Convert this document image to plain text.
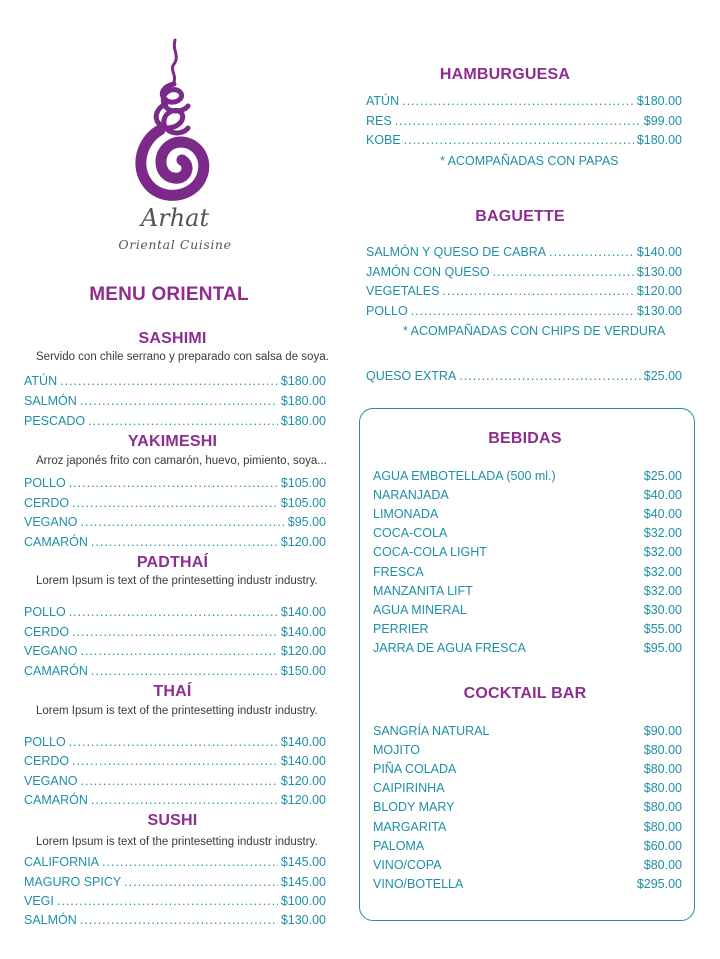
Arhat
Oriental Cuisine
MENU ORIENTAL
SASHIMI
Servido con chile serrano y preparado con salsa de soya.
ATÚN .....	$180.00
SALMÓN .....	$180.00
PESCADO .....	$180.00
YAKIMESHI
Arroz japonés frito con camarón, huevo, pimiento, soya...
POLLO .....	$105.00
CERDO .....	$105.00
VEGANO .....	$95.00
CAMARÓN .....	$120.00
PADTHAÍ
Lorem Ipsum is text of the printesetting industr industry.
POLLO .....	$140.00
CERDO .....	$140.00
VEGANO .....	$120.00
CAMARÓN .....	$150.00
THAÍ
Lorem Ipsum is text of the printesetting industr industry.
POLLO .....	$140.00
CERDO .....	$140.00
VEGANO .....	$120.00
CAMARÓN .....	$120.00
SUSHI
Lorem Ipsum is text of the printesetting industr industry.
CALIFORNIA .....	$145.00
MAGURO SPICY .....	$145.00
VEGI .....	$100.00
SALMÓN .....	$130.00
HAMBURGUESA
ATÚN .....	$180.00
RES .....	$99.00
KOBE .....	$180.00
* ACOMPAÑADAS CON PAPAS
BAGUETTE
SALMÓN Y QUESO DE CABRA .....	$140.00
JAMÓN CON QUESO .....	$130.00
VEGETALES .....	$120.00
POLLO .....	$130.00
* ACOMPAÑADAS CON CHIPS DE VERDURA
QUESO EXTRA .....	$25.00
BEBIDAS
AGUA EMBOTELLADA (500 ml.)	$25.00
NARANJADA	$40.00
LIMONADA	$40.00
COCA-COLA	$32.00
COCA-COLA LIGHT	$32.00
FRESCA	$32.00
MANZANITA LIFT	$32.00
AGUA MINERAL	$30.00
PERRIER	$55.00
JARRA DE AGUA FRESCA	$95.00
COCKTAIL BAR
SANGRÍA NATURAL	$90.00
MOJITO	$80.00
PIÑA COLADA	$80.00
CAIPIRINHA	$80.00
BLODY MARY	$80.00
MARGARITA	$80.00
PALOMA	$60.00
VINO/COPA	$80.00
VINO/BOTELLA	$295.00
